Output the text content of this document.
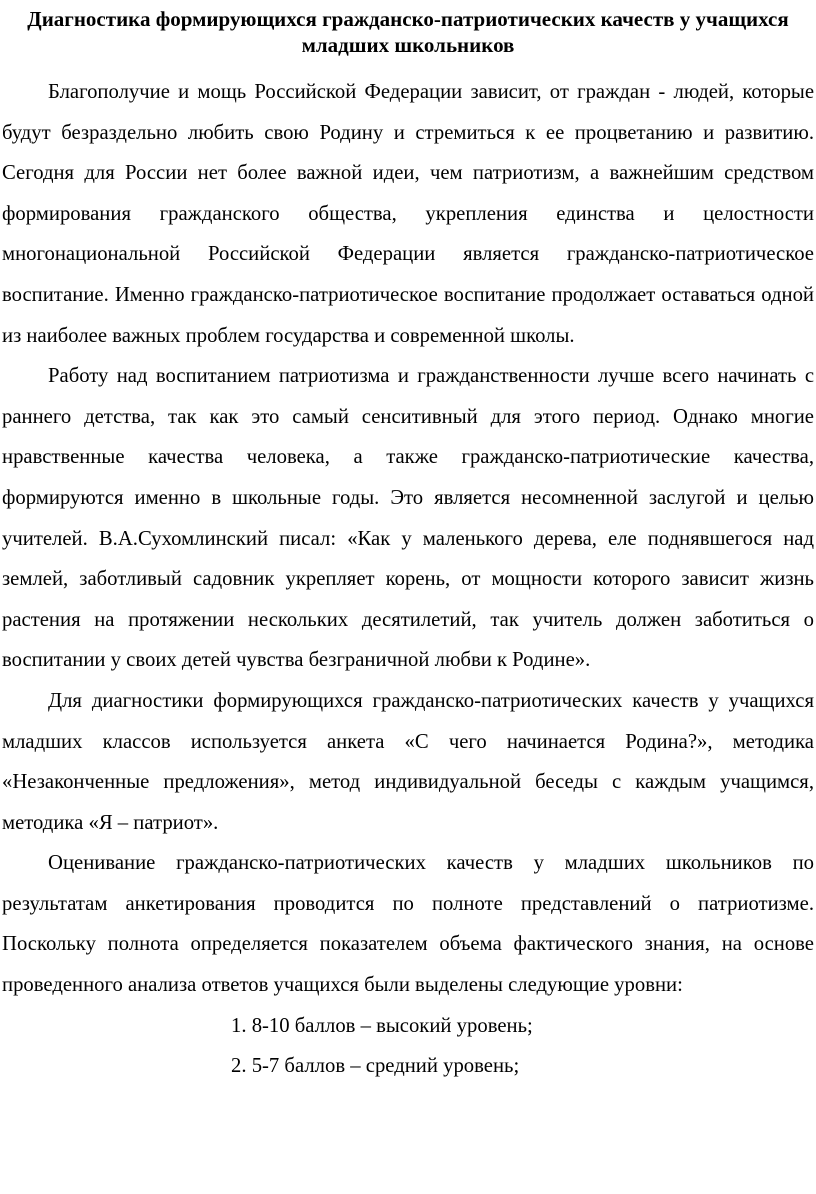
Диагностика формирующихся гражданско-патриотических качеств у учащихся младших школьников

Благополучие и мощь Российской Федерации зависит, от граждан - людей, которые будут безраздельно любить свою Родину и стремиться к ее процветанию и развитию. Сегодня для России нет более важной идеи, чем патриотизм, а важнейшим средством формирования гражданского общества, укрепления единства и целостности многонациональной Российской Федерации является гражданско-патриотическое воспитание. Именно гражданско-патриотическое воспитание продолжает оставаться одной из наиболее важных проблем государства и современной школы.

Работу над воспитанием патриотизма и гражданственности лучше всего начинать с раннего детства, так как это самый сенситивный для этого период. Однако многие нравственные качества человека, а также гражданско-патриотические качества, формируются именно в школьные годы. Это является несомненной заслугой и целью учителей. В.А.Сухомлинский писал: «Как у маленького дерева, еле поднявшегося над землей, заботливый садовник укрепляет корень, от мощности которого зависит жизнь растения на протяжении нескольких десятилетий, так учитель должен заботиться о воспитании у своих детей чувства безграничной любви к Родине».

Для диагностики формирующихся гражданско-патриотических качеств у учащихся младших классов используется анкета «С чего начинается Родина?», методика «Незаконченные предложения», метод индивидуальной беседы с каждым учащимся, методика «Я – патриот».

Оценивание гражданско-патриотических качеств у младших школьников по результатам анкетирования проводится по полноте представлений о патриотизме. Поскольку полнота определяется показателем объема фактического знания, на основе проведенного анализа ответов учащихся были выделены следующие уровни:

1. 8-10 баллов – высокий уровень;
2. 5-7 баллов – средний уровень;
